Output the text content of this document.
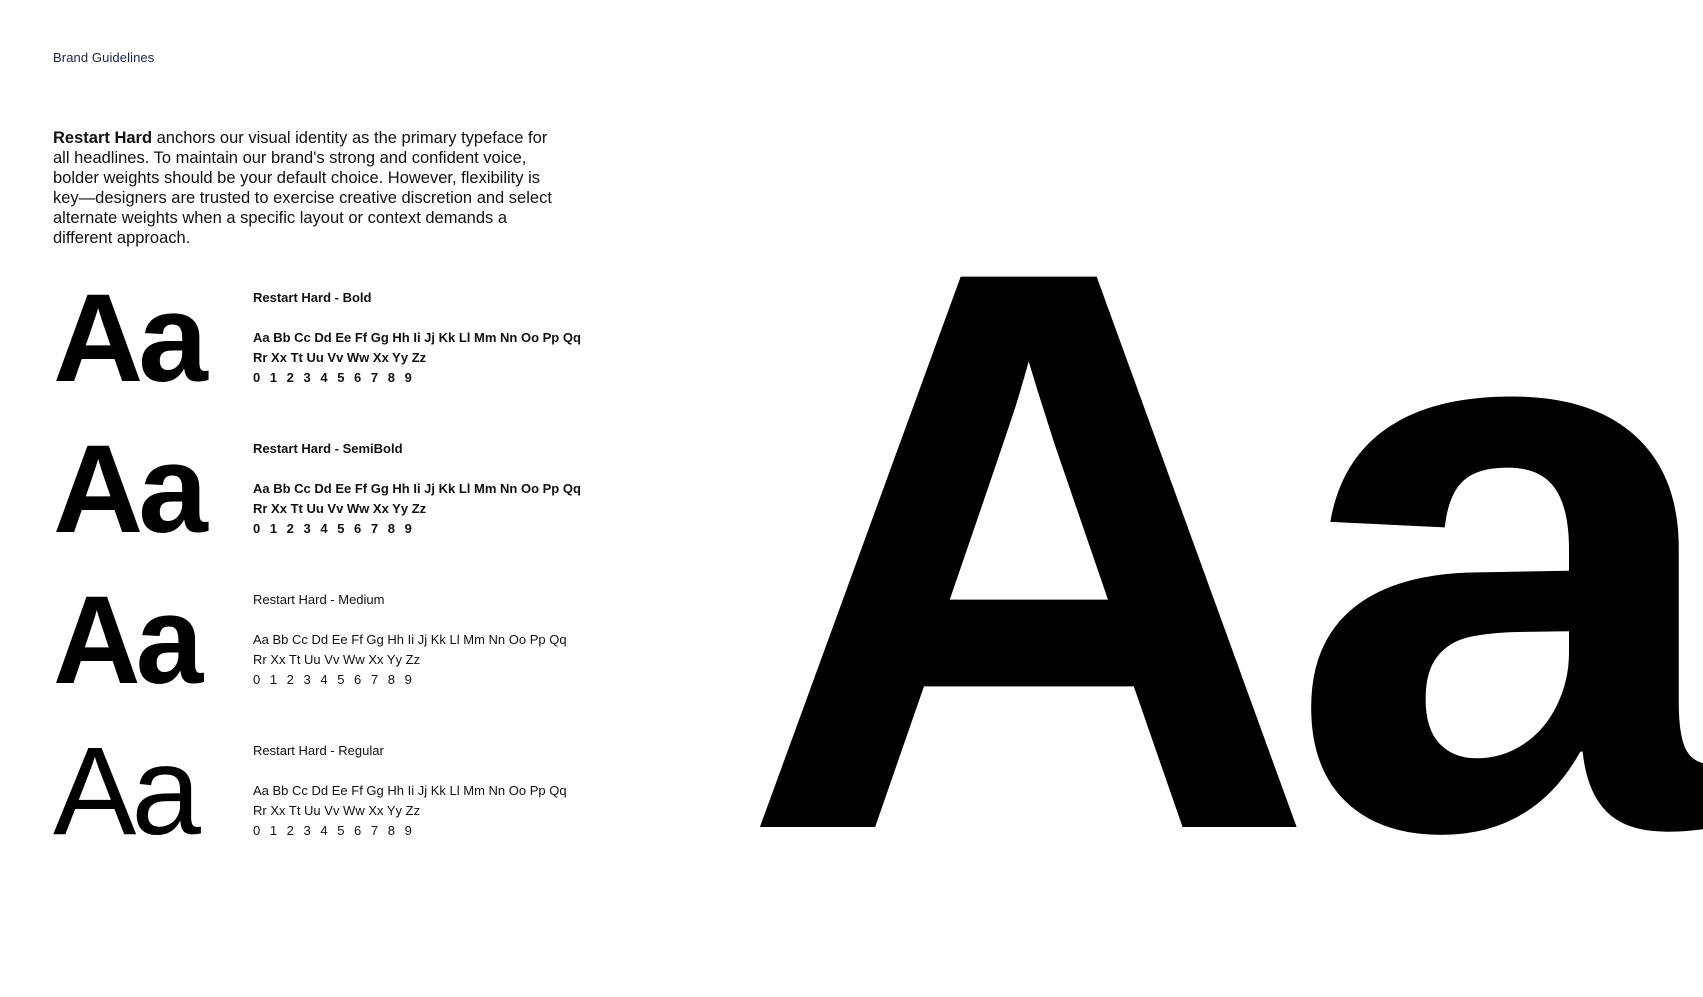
Brand Guidelines

Restart Hard anchors our visual identity as the primary typeface for all headlines. To maintain our brand's strong and confident voice, bolder weights should be your default choice. However, flexibility is key—designers are trusted to exercise creative discretion and select alternate weights when a specific layout or context demands a different approach.

Aa	Restart Hard - Bold

Aa Bb Cc Dd Ee Ff Gg Hh Ii Jj Kk Ll Mm Nn Oo Pp Qq Rr Xx Tt Uu Vv Ww Xx Yy Zz

0 1 2 3 4 5 6 7 8 9

Aa	Restart Hard - SemiBold

Aa Bb Cc Dd Ee Ff Gg Hh Ii Jj Kk Ll Mm Nn Oo Pp Qq Rr Xx Tt Uu Vv Ww Xx Yy Zz

0 1 2 3 4 5 6 7 8 9

Aa	Restart Hard - Medium

Aa Bb Cc Dd Ee Ff Gg Hh Ii Jj Kk Ll Mm Nn Oo Pp Qq Rr Xx Tt Uu Vv Ww Xx Yy Zz

0 1 2 3 4 5 6 7 8 9

Aa	Restart Hard - Regular

Aa Bb Cc Dd Ee Ff Gg Hh Ii Jj Kk Ll Mm Nn Oo Pp Qq Rr Xx Tt Uu Vv Ww Xx Yy Zz

0 1 2 3 4 5 6 7 8 9 Aa
